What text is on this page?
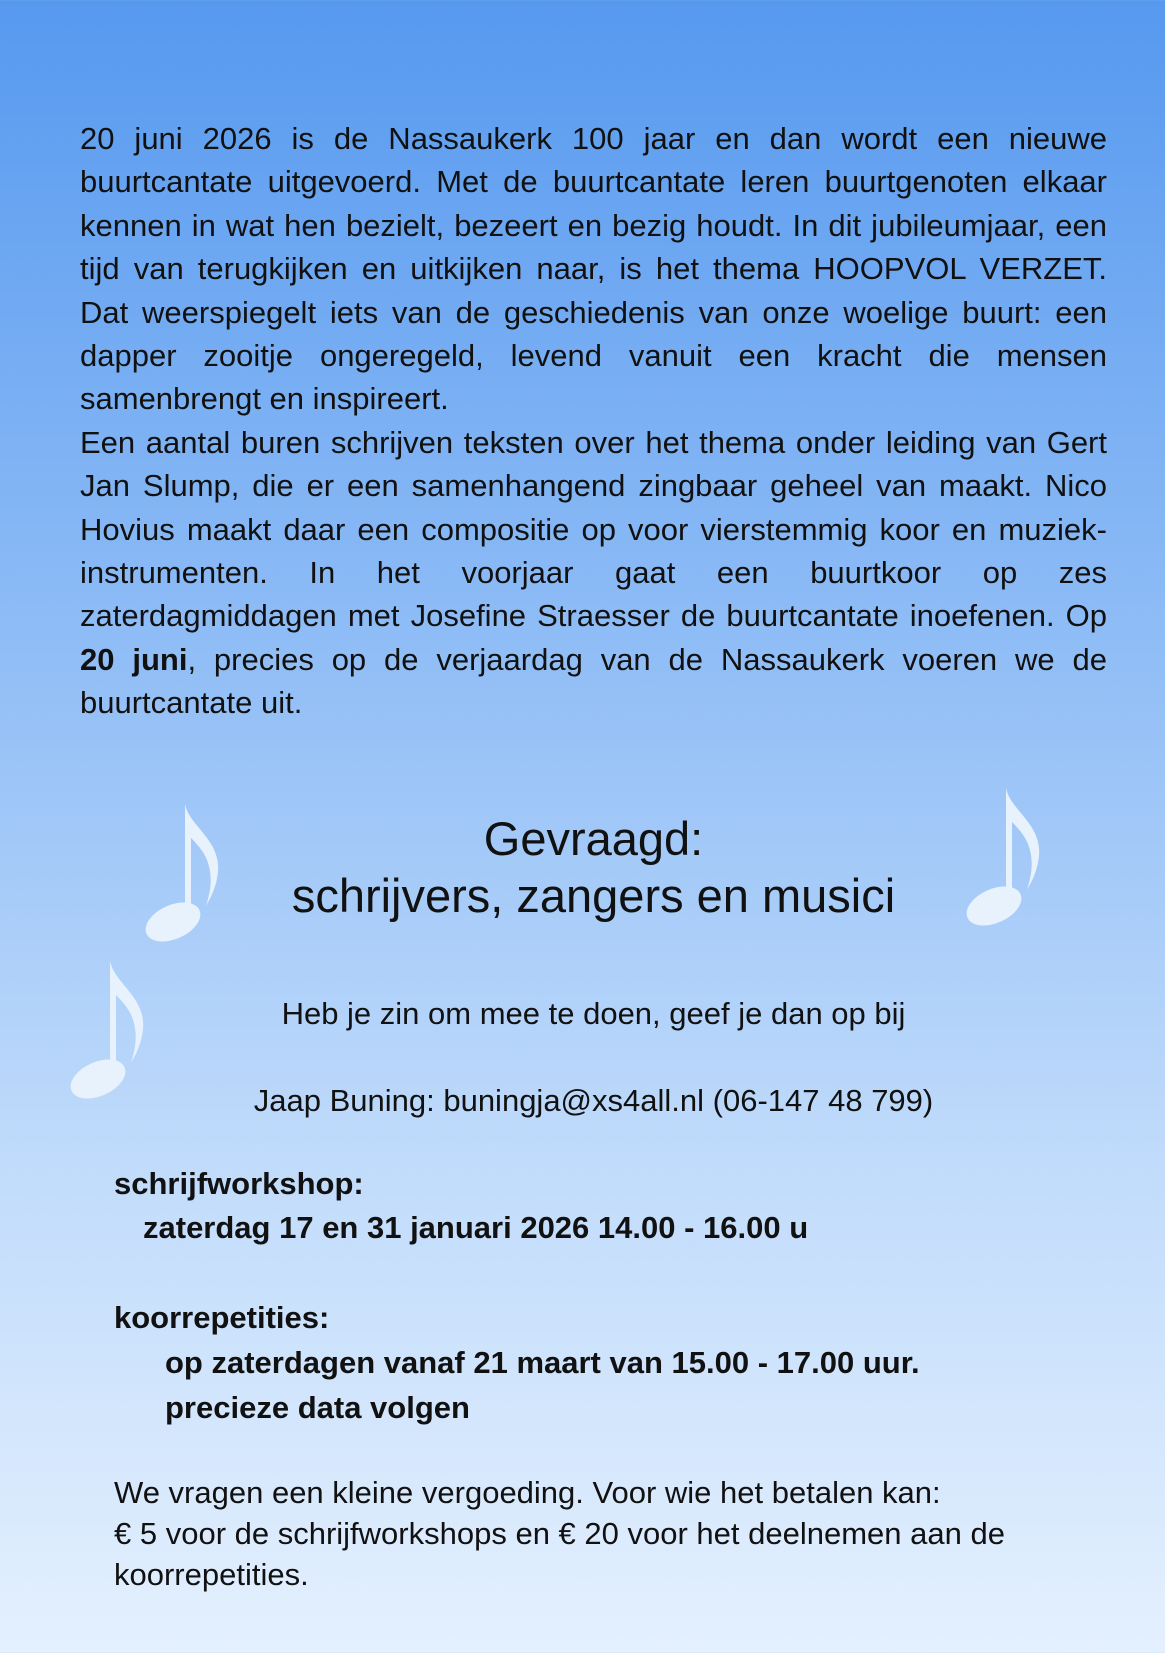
20 juni 2026 is de Nassaukerk 100 jaar en dan wordt een nieuwe buurtcantate uitgevoerd. Met de buurtcantate leren buurtgenoten elkaar kennen in wat hen bezielt, bezeert en bezig houdt. In dit jubileumjaar, een tijd van terugkijken en uitkijken naar, is het thema HOOPVOL VERZET. Dat weerspiegelt iets van de geschiedenis van onze woelige buurt: een dapper zooitje ongeregeld, levend vanuit een kracht die mensen samenbrengt en inspireert.

Een aantal buren schrijven teksten over het thema onder leiding van Gert Jan Slump, die er een samenhangend zingbaar geheel van maakt. Nico Hovius maakt daar een compositie op voor vierstemmig koor en muziek-instrumenten. In het voorjaar gaat een buurtkoor op zes zaterdagmiddagen met Josefine Straesser de buurtcantate inoefenen. Op 20 juni, precies op de verjaardag van de Nassaukerk voeren we de buurtcantate uit.

Gevraagd:
schrijvers, zangers en musici

Heb je zin om mee te doen, geef je dan op bij

Jaap Buning: buningja@xs4all.nl (06-147 48 799)

schrijfworkshop:

zaterdag 17 en 31 januari 2026 14.00 - 16.00 u

koorrepetities:

op zaterdagen vanaf 21 maart van 15.00 - 17.00 uur.

precieze data volgen

We vragen een kleine vergoeding. Voor wie het betalen kan:
€ 5 voor de schrijfworkshops en € 20 voor het deelnemen aan de koorrepetities.
